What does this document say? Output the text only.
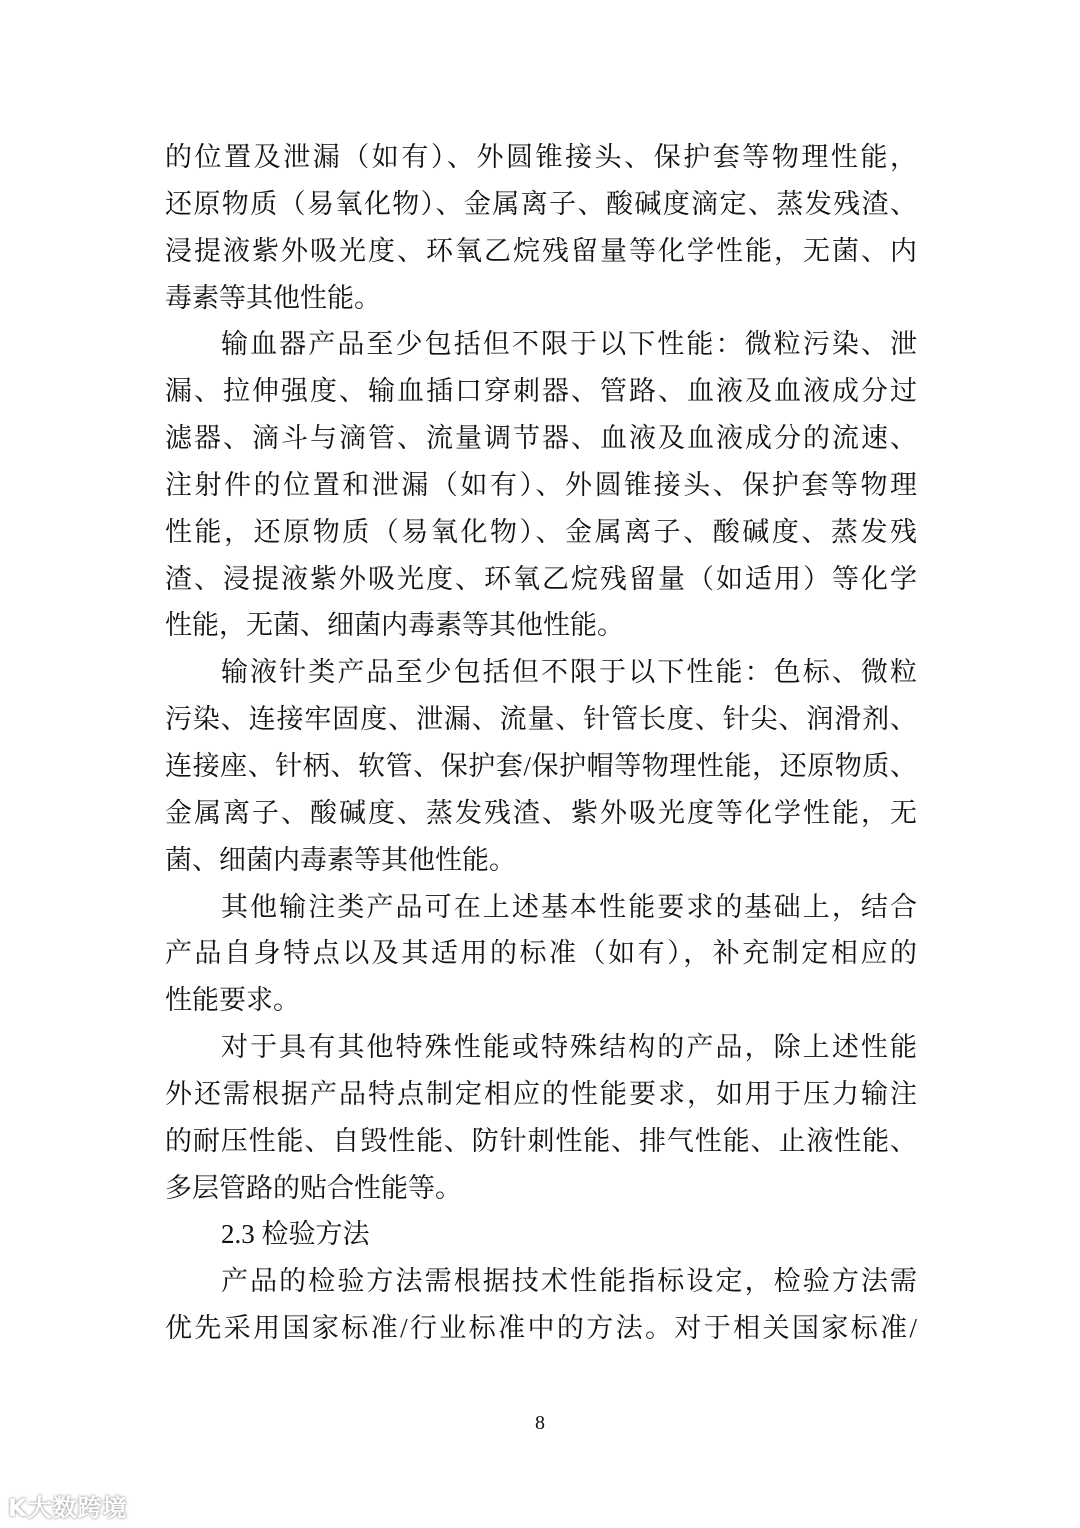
的位置及泄漏（如有）、外圆锥接头、保护套等物理性能，
还原物质（易氧化物）、金属离子、酸碱度滴定、蒸发残渣、
浸提液紫外吸光度、环氧乙烷残留量等化学性能，无菌、内
毒素等其他性能。
输血器产品至少包括但不限于以下性能：微粒污染、泄
漏、拉伸强度、输血插口穿刺器、管路、血液及血液成分过
滤器、滴斗与滴管、流量调节器、血液及血液成分的流速、
注射件的位置和泄漏（如有）、外圆锥接头、保护套等物理
性能，还原物质（易氧化物）、金属离子、酸碱度、蒸发残
渣、浸提液紫外吸光度、环氧乙烷残留量（如适用）等化学
性能，无菌、细菌内毒素等其他性能。
输液针类产品至少包括但不限于以下性能：色标、微粒
污染、连接牢固度、泄漏、流量、针管长度、针尖、润滑剂、
连接座、针柄、软管、保护套/保护帽等物理性能，还原物质、
金属离子、酸碱度、蒸发残渣、紫外吸光度等化学性能，无
菌、细菌内毒素等其他性能。
其他输注类产品可在上述基本性能要求的基础上，结合
产品自身特点以及其适用的标准（如有），补充制定相应的
性能要求。
对于具有其他特殊性能或特殊结构的产品，除上述性能
外还需根据产品特点制定相应的性能要求，如用于压力输注
的耐压性能、自毁性能、防针刺性能、排气性能、止液性能、
多层管路的贴合性能等。
2.3 检验方法
产品的检验方法需根据技术性能指标设定，检验方法需
优先采用国家标准/行业标准中的方法。对于相关国家标准/
8
K大数跨境
